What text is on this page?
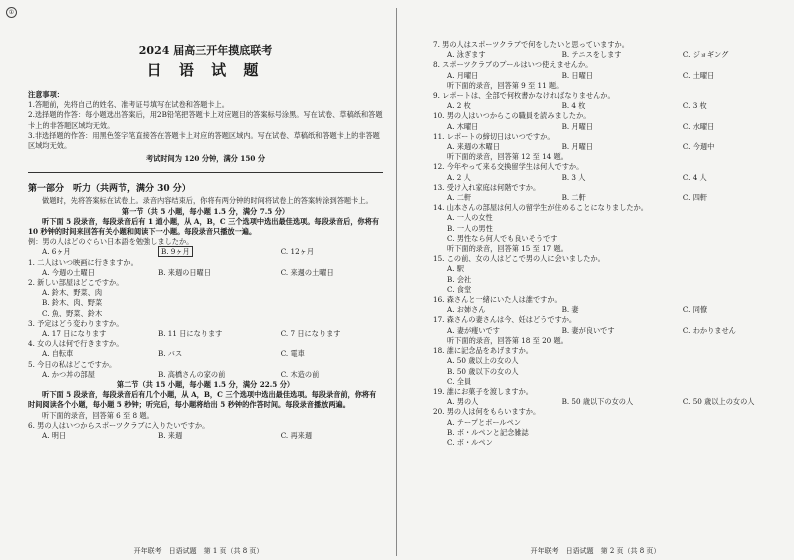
①
2024 届高三开年摸底联考
日 语 试 题
注意事项：
1.答题前，先将自己的姓名、准考证号填写在试卷和答题卡上。
2.选择题的作答：每小题选出答案后，用2B铅笔把答题卡上对应题目的答案标号涂黑。写在试卷、草稿纸和答题卡上的非答题区域均无效。
3.非选择题的作答：用黑色签字笔直接答在答题卡上对应的答题区域内。写在试卷、草稿纸和答题卡上的非答题区域均无效。
考试时间为 120 分钟，满分 150 分
第一部分　听力（共两节，满分 30 分）
做题时，先将答案标在试卷上。录音内容结束后，你将有两分钟的时间将试卷上的答案转涂到答题卡上。
第一节（共 5 小题，每小题 1.5 分，满分 7.5 分）
听下面 5 段录音，每段录音后有 1 道小题，从 A，B，C 三个选项中选出最佳选项。每段录音后，你将有 10 秒钟的时间来回答有关小题和阅读下一小题。每段录音只播放一遍。
例：男の人はどのぐらい日本語を勉強しましたか。
A. 6ヶ月	B. 9ヶ月	C. 12ヶ月
1. 二人はいつ映画に行きますか。
A. 今週の土曜日	B. 来週の日曜日	C. 来週の土曜日
2. 新しい部屋はどこですか。
A. 鈴木、野菜、肉
B. 鈴木、肉、野菜
C. 魚、野菜、鈴木
3. 予定はどう変わりますか。
A. 17 日になります	B. 11 日になります	C. 7 日になります
4. 女の人は何で行きますか。
A. 自転車	B. バス	C. 電車
5. 今日の私はどこですか。
A. かつ丼の部屋	B. 高橋さんの家の前	C. 木造の前
第二节（共 15 小题，每小题 1.5 分，满分 22.5 分）
听下面 5 段录音，每段录音后有几个小题，从 A，B，C 三个选项中选出最佳选项。每段录音前，你将有时间阅读各个小题，每小题 5 秒钟；听完后，每小题将给出 5 秒钟的作答时间。每段录音播放两遍。
听下面的录音，回答第 6 至 8 题。
6. 男の人はいつからスポーツクラブに入りたいですか。
A. 明日	B. 来週	C. 再来週
开年联考　日语试题　第 1 页（共 8 页）
7. 男の人はスポーツクラブで何をしたいと思っていますか。
A. 泳ぎます	B. テニスをします	C. ジョギング
8. スポーツクラブのプールはいつ使えませんか。
A. 月曜日	B. 日曜日	C. 土曜日
听下面的录音，回答第 9 至 11 题。
9. レポートは、全部で何枚書かなければなりませんか。
A. 2 枚	B. 4 枚	C. 3 枚
10. 男の人はいつからこの職員を読みましたか。
A. 木曜日	B. 月曜日	C. 水曜日
11. レポートの締切日はいつですか。
A. 来週の木曜日	B. 月曜日	C. 今週中
听下面的录音，回答第 12 至 14 题。
12. 今年やって来る交換留学生は何人ですか。
A. 2 人	B. 3 人	C. 4 人
13. 受け入れ家庭は何階ですか。
A. 二軒	B. 二軒	C. 四軒
14. 山本さんの部屋は何人の留学生が住めることになりましたか。
A. 一人の女性
B. 一人の男性
C. 男性なら何人でも良いそうです
听下面的录音，回答第 15 至 17 题。
15. この前、女の人はどこで男の人に会いましたか。
A. 駅
B. 会社
C. 食堂
16. 森さんと一緒にいた人は誰ですか。
A. お姉さん	B. 妻	C. 同僚
17. 森さんの妻さんは今、妊はどうですか。
A. 妻が痩いです	B. 妻が良いです	C. わかりません
听下面的录音，回答第 18 至 20 题。
18. 誰に記念品をあげますか。
A. 50 歳以上の女の人
B. 50 歳以下の女の人
C. 全員
19. 誰にお菓子を渡しますか。
A. 男の人	B. 50 歳以下の女の人	C. 50 歳以上の女の人
20. 男の人は何をもらいますか。
A. テープとボールペン
B. ボ・ルペンと記念雑誌
C. ボ・ルペン
开年联考　日语试题　第 2 页（共 8 页）
